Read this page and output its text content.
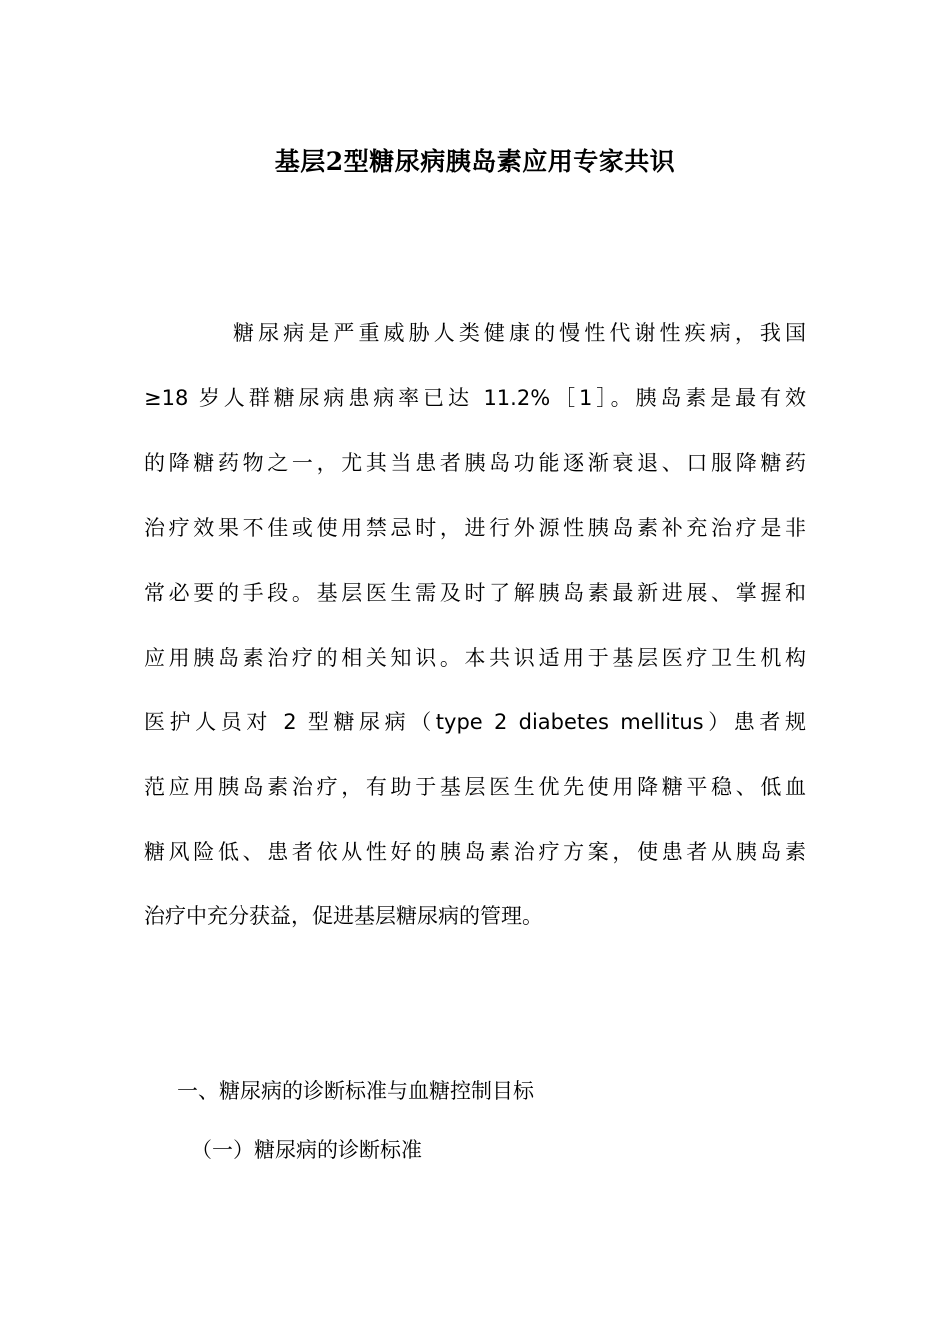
基层2型糖尿病胰岛素应用专家共识
糖尿病是严重威胁人类健康的慢性代谢性疾病，我国
≥18 岁人群糖尿病患病率已达 11.2%［1］。胰岛素是最有效
的降糖药物之一，尤其当患者胰岛功能逐渐衰退、口服降糖药
治疗效果不佳或使用禁忌时，进行外源性胰岛素补充治疗是非
常必要的手段。基层医生需及时了解胰岛素最新进展、掌握和
应用胰岛素治疗的相关知识。本共识适用于基层医疗卫生机构
医护人员对 2 型糖尿病（type 2 diabetes mellitus）患者规
范应用胰岛素治疗，有助于基层医生优先使用降糖平稳、低血
糖风险低、患者依从性好的胰岛素治疗方案，使患者从胰岛素
治疗中充分获益，促进基层糖尿病的管理。
一、糖尿病的诊断标准与血糖控制目标
（一）糖尿病的诊断标准
